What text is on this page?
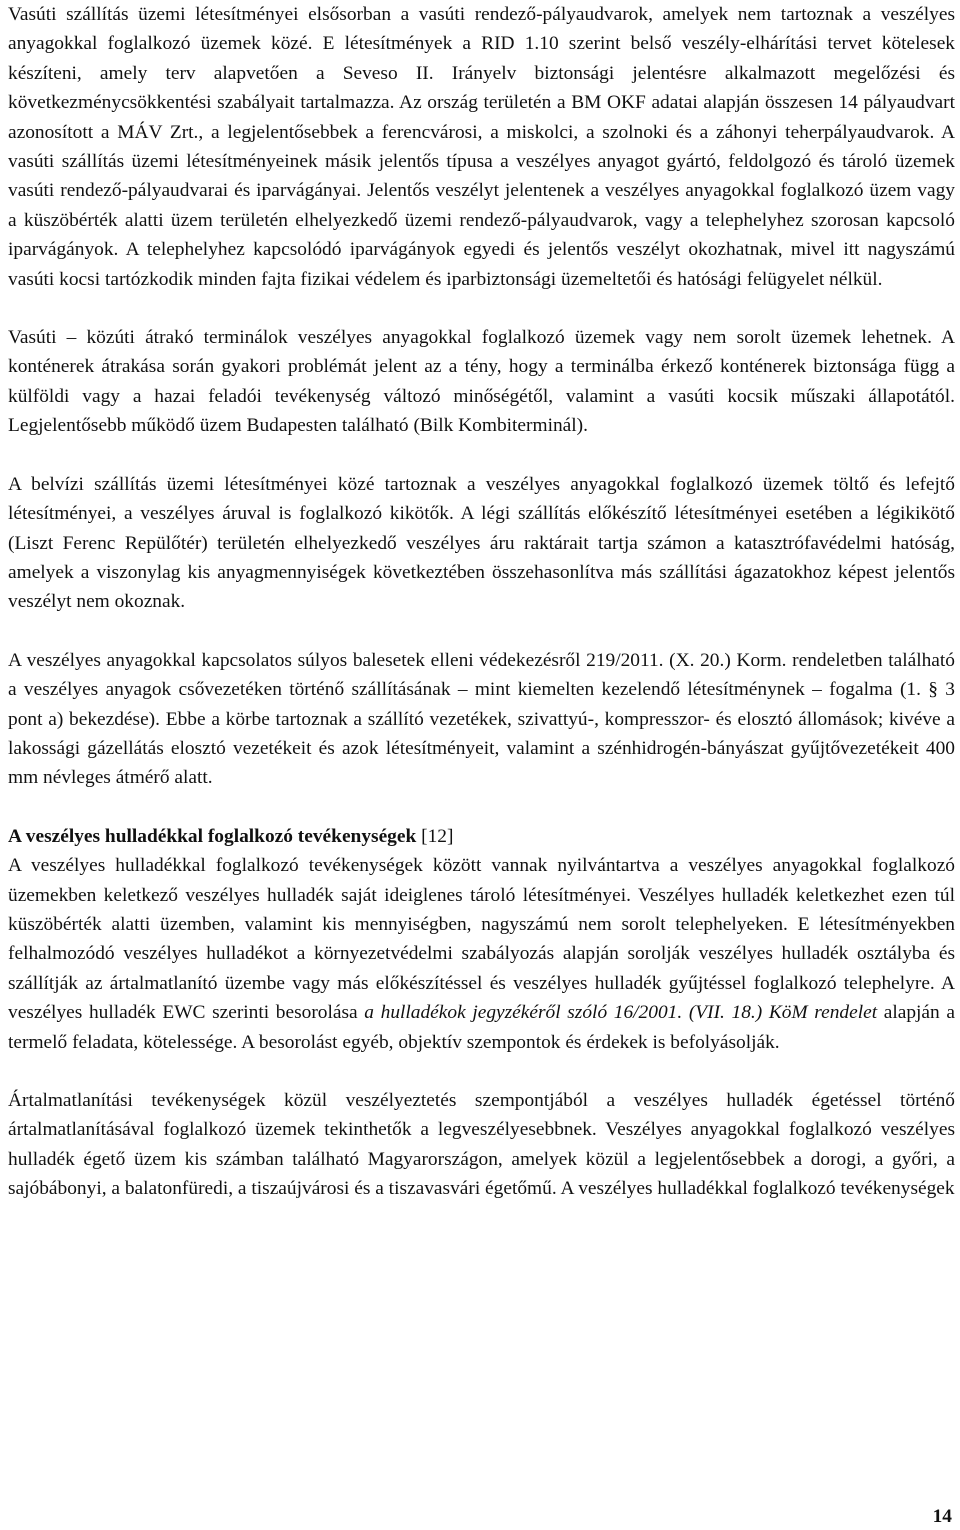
Vasúti szállítás üzemi létesítményei elsősorban a vasúti rendező-pályaudvarok, amelyek nem tartoznak a veszélyes anyagokkal foglalkozó üzemek közé. E létesítmények a RID 1.10 szerint belső veszély-elhárítási tervet kötelesek készíteni, amely terv alapvetően a Seveso II. Irányelv biztonsági jelentésre alkalmazott megelőzési és következménycsökkentési szabályait tartalmazza. Az ország területén a BM OKF adatai alapján összesen 14 pályaudvart azonosított a MÁV Zrt., a legjelentősebbek a ferencvárosi, a miskolci, a szolnoki és a záhonyi teherpályaudvarok. A vasúti szállítás üzemi létesítményeinek másik jelentős típusa a veszélyes anyagot gyártó, feldolgozó és tároló üzemek vasúti rendező-pályaudvarai és iparvágányai. Jelentős veszélyt jelentenek a veszélyes anyagokkal foglalkozó üzem vagy a küszöbérték alatti üzem területén elhelyezkedő üzemi rendező-pályaudvarok, vagy a telephelyhez szorosan kapcsoló iparvágányok. A telephelyhez kapcsolódó iparvágányok egyedi és jelentős veszélyt okozhatnak, mivel itt nagyszámú vasúti kocsi tartózkodik minden fajta fizikai védelem és iparbiztonsági üzemeltetői és hatósági felügyelet nélkül.

Vasúti – közúti átrakó terminálok veszélyes anyagokkal foglalkozó üzemek vagy nem sorolt üzemek lehetnek. A konténerek átrakása során gyakori problémát jelent az a tény, hogy a terminálba érkező konténerek biztonsága függ a külföldi vagy a hazai feladói tevékenység változó minőségétől, valamint a vasúti kocsik műszaki állapotától. Legjelentősebb működő üzem Budapesten található (Bilk Kombiterminál).

A belvízi szállítás üzemi létesítményei közé tartoznak a veszélyes anyagokkal foglalkozó üzemek töltő és lefejtő létesítményei, a veszélyes áruval is foglalkozó kikötők. A légi szállítás előkészítő létesítményei esetében a légikikötő (Liszt Ferenc Repülőtér) területén elhelyezkedő veszélyes áru raktárait tartja számon a katasztrófavédelmi hatóság, amelyek a viszonylag kis anyagmennyiségek következtében összehasonlítva más szállítási ágazatokhoz képest jelentős veszélyt nem okoznak.

A veszélyes anyagokkal kapcsolatos súlyos balesetek elleni védekezésről 219/2011. (X. 20.) Korm. rendeletben található a veszélyes anyagok csővezetéken történő szállításának – mint kiemelten kezelendő létesítménynek – fogalma (1. § 3 pont a) bekezdése). Ebbe a körbe tartoznak a szállító vezetékek, szivattyú-, kompresszor- és elosztó állomások; kivéve a lakossági gázellátás elosztó vezetékeit és azok létesítményeit, valamint a szénhidrogén-bányászat gyűjtővezetékeit 400 mm névleges átmérő alatt.

A veszélyes hulladékkal foglalkozó tevékenységek [12]

A veszélyes hulladékkal foglalkozó tevékenységek között vannak nyilvántartva a veszélyes anyagokkal foglalkozó üzemekben keletkező veszélyes hulladék saját ideiglenes tároló létesítményei. Veszélyes hulladék keletkezhet ezen túl küszöbérték alatti üzemben, valamint kis mennyiségben, nagyszámú nem sorolt telephelyeken. E létesítményekben felhalmozódó veszélyes hulladékot a környezetvédelmi szabályozás alapján sorolják veszélyes hulladék osztályba és szállítják az ártalmatlanító üzembe vagy más előkészítéssel és veszélyes hulladék gyűjtéssel foglalkozó telephelyre. A veszélyes hulladék EWC szerinti besorolása a hulladékok jegyzékéről szóló 16/2001. (VII. 18.) KöM rendelet alapján a termelő feladata, kötelessége. A besorolást egyéb, objektív szempontok és érdekek is befolyásolják.

Ártalmatlanítási tevékenységek közül veszélyeztetés szempontjából a veszélyes hulladék égetéssel történő ártalmatlanításával foglalkozó üzemek tekinthetők a legveszélyesebbnek. Veszélyes anyagokkal foglalkozó veszélyes hulladék égető üzem kis számban található Magyarországon, amelyek közül a legjelentősebbek a dorogi, a győri, a sajóbábonyi, a balatonfüredi, a tiszaújvárosi és a tiszavasvári égetőmű. A veszélyes hulladékkal foglalkozó tevékenységek

14
